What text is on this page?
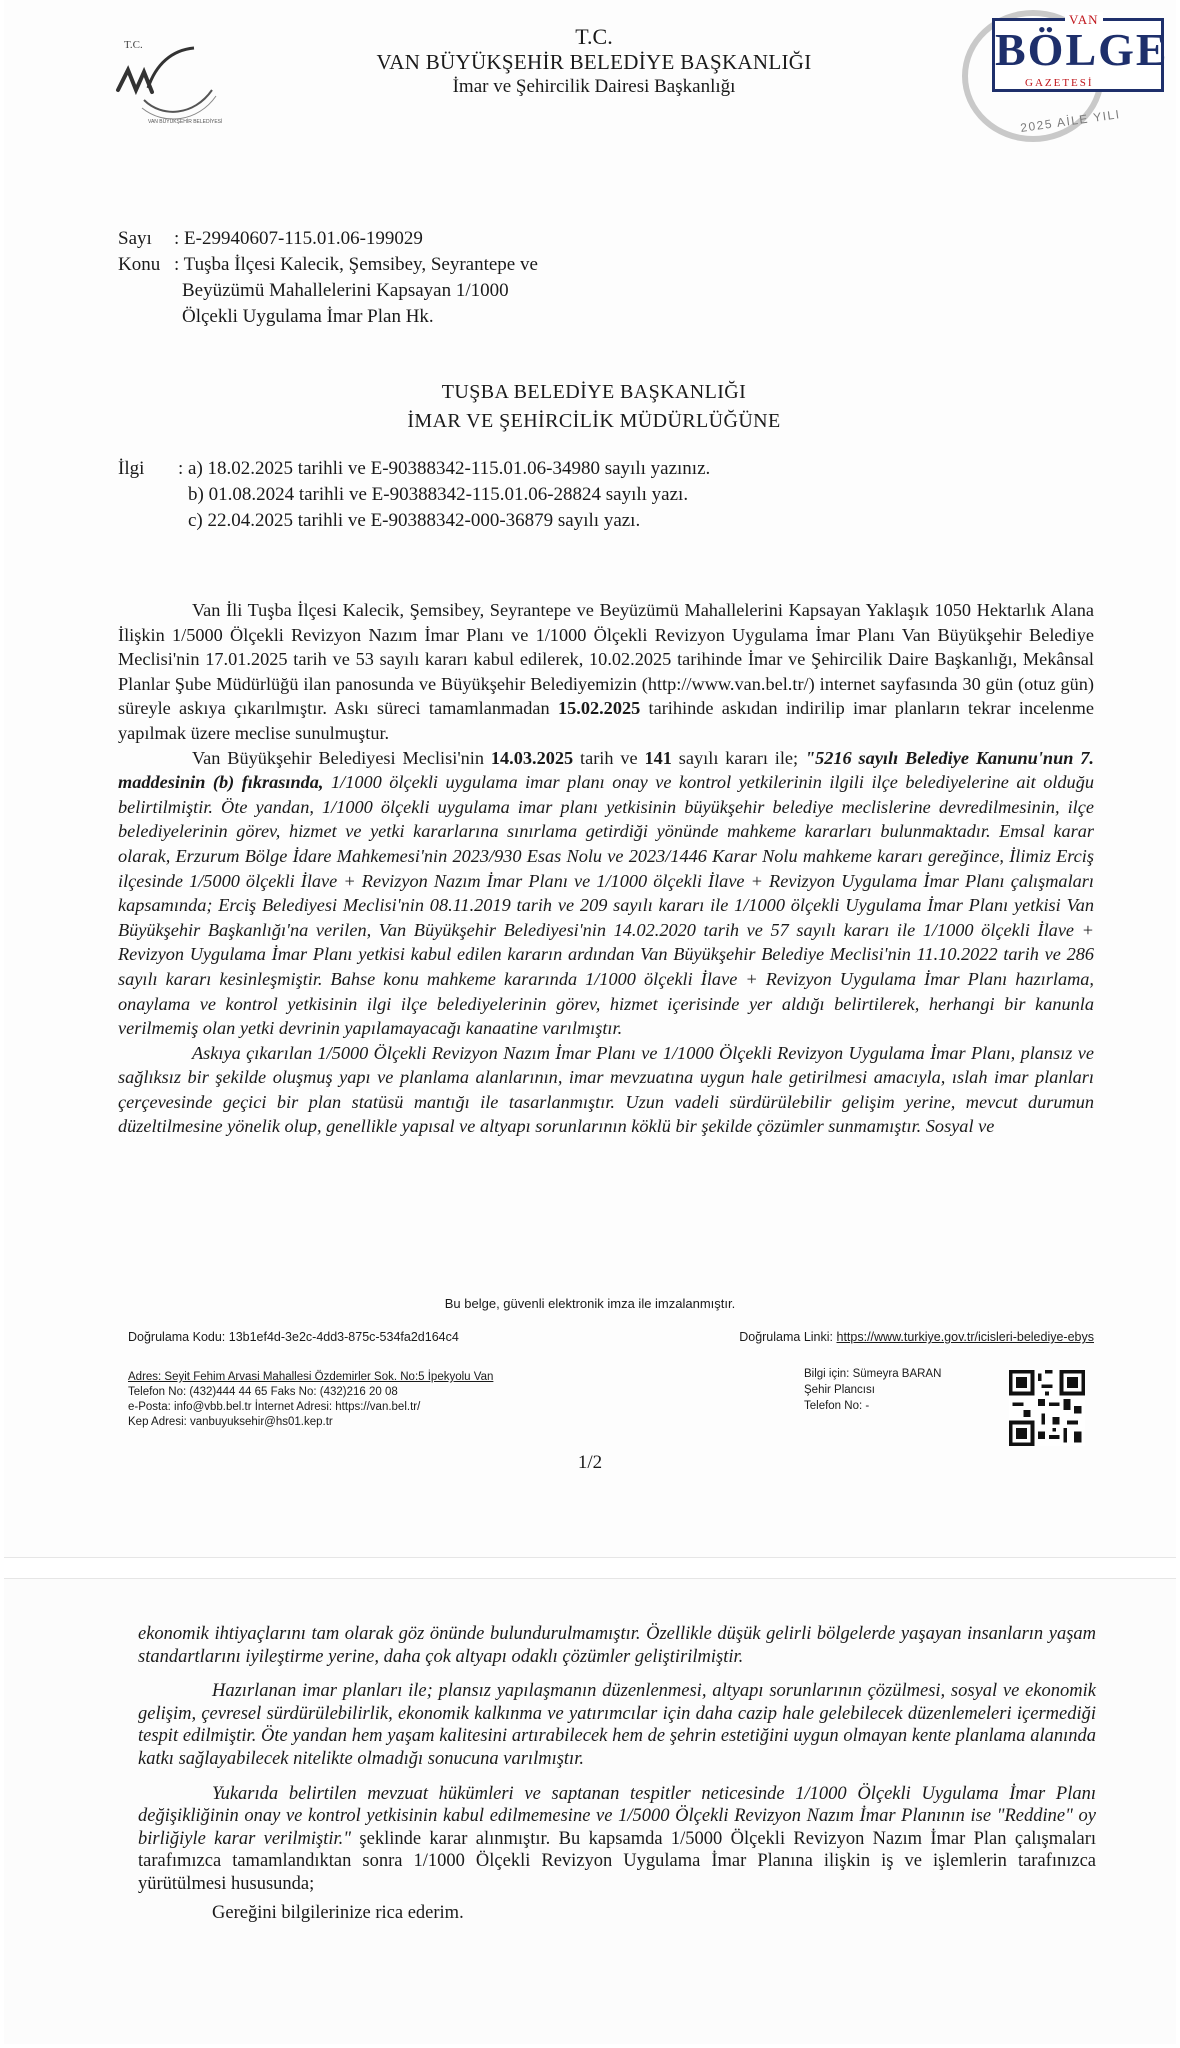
T.C.
VAN BÜYÜKŞEHİR BELEDİYESİ
T.C.
VAN BÜYÜKŞEHİR BELEDİYE BAŞKANLIĞI
İmar ve Şehircilik Dairesi Başkanlığı
2025 AİLE YILI
VAN
BÖLGE
GAZETESİ
Sayı	: E-29940607-115.01.06-199029
Konu : Tuşba İlçesi Kalecik, Şemsibey, Seyrantepe ve
Beyüzümü Mahallelerini Kapsayan 1/1000
Ölçekli Uygulama İmar Plan Hk.
TUŞBA BELEDİYE BAŞKANLIĞI
İMAR VE ŞEHİRCİLİK MÜDÜRLÜĞÜNE
İlgi	: a) 18.02.2025 tarihli ve E-90388342-115.01.06-34980 sayılı yazınız.
b) 01.08.2024 tarihli ve E-90388342-115.01.06-28824 sayılı yazı.
c) 22.04.2025 tarihli ve E-90388342-000-36879 sayılı yazı.

Van İli Tuşba İlçesi Kalecik, Şemsibey, Seyrantepe ve Beyüzümü Mahallelerini Kapsayan Yaklaşık 1050 Hektarlık Alana İlişkin 1/5000 Ölçekli Revizyon Nazım İmar Planı ve 1/1000 Ölçekli Revizyon Uygulama İmar Planı Van Büyükşehir Belediye Meclisi'nin 17.01.2025 tarih ve 53 sayılı kararı kabul edilerek, 10.02.2025 tarihinde İmar ve Şehircilik Daire Başkanlığı, Mekânsal Planlar Şube Müdürlüğü ilan panosunda ve Büyükşehir Belediyemizin (http://www.van.bel.tr/) internet sayfasında 30 gün (otuz gün) süreyle askıya çıkarılmıştır. Askı süreci tamamlanmadan 15.02.2025 tarihinde askıdan indirilip imar planların tekrar incelenme yapılmak üzere meclise sunulmuştur.

Van Büyükşehir Belediyesi Meclisi'nin 14.03.2025 tarih ve 141 sayılı kararı ile; "5216 sayılı Belediye Kanunu'nun 7. maddesinin (b) fıkrasında, 1/1000 ölçekli uygulama imar planı onay ve kontrol yetkilerinin ilgili ilçe belediyelerine ait olduğu belirtilmiştir. Öte yandan, 1/1000 ölçekli uygulama imar planı yetkisinin büyükşehir belediye meclislerine devredilmesinin, ilçe belediyelerinin görev, hizmet ve yetki kararlarına sınırlama getirdiği yönünde mahkeme kararları bulunmaktadır. Emsal karar olarak, Erzurum Bölge İdare Mahkemesi'nin 2023/930 Esas Nolu ve 2023/1446 Karar Nolu mahkeme kararı gereğince, İlimiz Erciş ilçesinde 1/5000 ölçekli İlave + Revizyon Nazım İmar Planı ve 1/1000 ölçekli İlave + Revizyon Uygulama İmar Planı çalışmaları kapsamında; Erciş Belediyesi Meclisi'nin 08.11.2019 tarih ve 209 sayılı kararı ile 1/1000 ölçekli Uygulama İmar Planı yetkisi Van Büyükşehir Başkanlığı'na verilen, Van Büyükşehir Belediyesi'nin 14.02.2020 tarih ve 57 sayılı kararı ile 1/1000 ölçekli İlave + Revizyon Uygulama İmar Planı yetkisi kabul edilen kararın ardından Van Büyükşehir Belediye Meclisi'nin 11.10.2022 tarih ve 286 sayılı kararı kesinleşmiştir. Bahse konu mahkeme kararında 1/1000 ölçekli İlave + Revizyon Uygulama İmar Planı hazırlama, onaylama ve kontrol yetkisinin ilgi ilçe belediyelerinin görev, hizmet içerisinde yer aldığı belirtilerek, herhangi bir kanunla verilmemiş olan yetki devrinin yapılamayacağı kanaatine varılmıştır.

Askıya çıkarılan 1/5000 Ölçekli Revizyon Nazım İmar Planı ve 1/1000 Ölçekli Revizyon Uygulama İmar Planı, plansız ve sağlıksız bir şekilde oluşmuş yapı ve planlama alanlarının, imar mevzuatına uygun hale getirilmesi amacıyla, ıslah imar planları çerçevesinde geçici bir plan statüsü mantığı ile tasarlanmıştır. Uzun vadeli sürdürülebilir gelişim yerine, mevcut durumun düzeltilmesine yönelik olup, genellikle yapısal ve altyapı sorunlarının köklü bir şekilde çözümler sunmamıştır. Sosyal ve

Bu belge, güvenli elektronik imza ile imzalanmıştır.
Doğrulama Kodu: 13b1ef4d-3e2c-4dd3-875c-534fa2d164c4	Doğrulama Linki: https://www.turkiye.gov.tr/icisleri-belediye-ebys
Adres: Seyit Fehim Arvasi Mahallesi Özdemirler Sok. No:5 İpekyolu Van
Telefon No: (432)444 44 65 Faks No: (432)216 20 08
e-Posta: info@vbb.bel.tr İnternet Adresi: https://van.bel.tr/
Kep Adresi: vanbuyuksehir@hs01.kep.tr
Bilgi için: Sümeyra BARAN
Şehir Plancısı
Telefon No: -
1/2

ekonomik ihtiyaçlarını tam olarak göz önünde bulundurulmamıştır. Özellikle düşük gelirli bölgelerde yaşayan insanların yaşam standartlarını iyileştirme yerine, daha çok altyapı odaklı çözümler geliştirilmiştir.

Hazırlanan imar planları ile; plansız yapılaşmanın düzenlenmesi, altyapı sorunlarının çözülmesi, sosyal ve ekonomik gelişim, çevresel sürdürülebilirlik, ekonomik kalkınma ve yatırımcılar için daha cazip hale gelebilecek düzenlemeleri içermediği tespit edilmiştir. Öte yandan hem yaşam kalitesini artırabilecek hem de şehrin estetiğini uygun olmayan kente planlama alanında katkı sağlayabilecek nitelikte olmadığı sonucuna varılmıştır.

Yukarıda belirtilen mevzuat hükümleri ve saptanan tespitler neticesinde 1/1000 Ölçekli Uygulama İmar Planı değişikliğinin onay ve kontrol yetkisinin kabul edilmemesine ve 1/5000 Ölçekli Revizyon Nazım İmar Planının ise "Reddine" oy birliğiyle karar verilmiştir." şeklinde karar alınmıştır. Bu kapsamda 1/5000 Ölçekli Revizyon Nazım İmar Plan çalışmaları tarafımızca tamamlandıktan sonra 1/1000 Ölçekli Revizyon Uygulama İmar Planına ilişkin iş ve işlemlerin tarafınızca yürütülmesi hususunda;

Gereğini bilgilerinize rica ederim.
